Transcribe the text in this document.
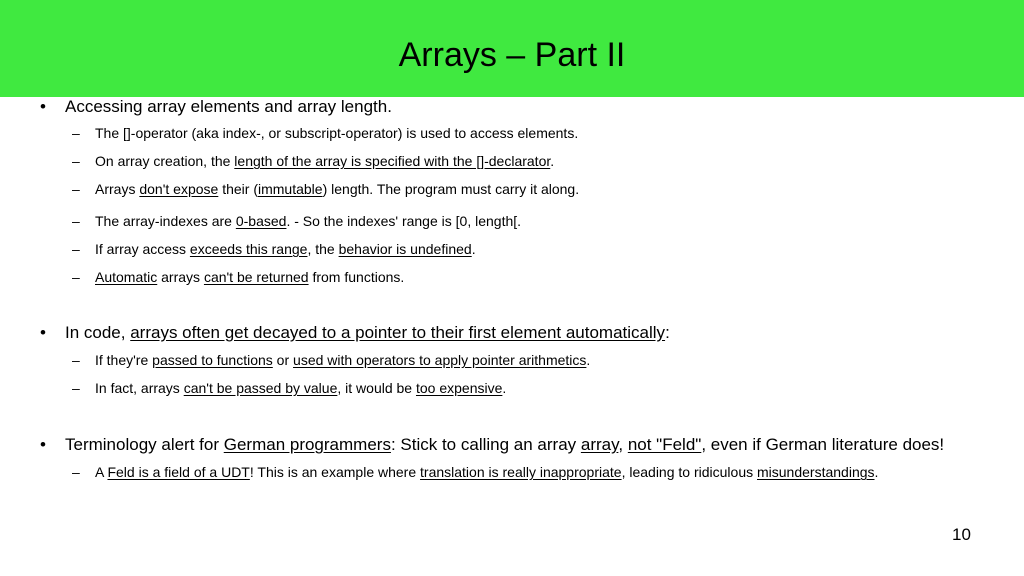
Arrays – Part II
• Accessing array elements and array length.
– The []-operator (aka index-, or subscript-operator) is used to access elements.
– On array creation, the length of the array is specified with the []-declarator.
– Arrays don't expose their (immutable) length. The program must carry it along.
– The array-indexes are 0-based. - So the indexes' range is [0, length[.
– If array access exceeds this range, the behavior is undefined.
– Automatic arrays can't be returned from functions.
• In code, arrays often get decayed to a pointer to their first element automatically:
– If they're passed to functions or used with operators to apply pointer arithmetics.
– In fact, arrays can't be passed by value, it would be too expensive.
• Terminology alert for German programmers: Stick to calling an array array, not "Feld", even if German literature does!
– A Feld is a field of a UDT! This is an example where translation is really inappropriate, leading to ridiculous misunderstandings.
10
